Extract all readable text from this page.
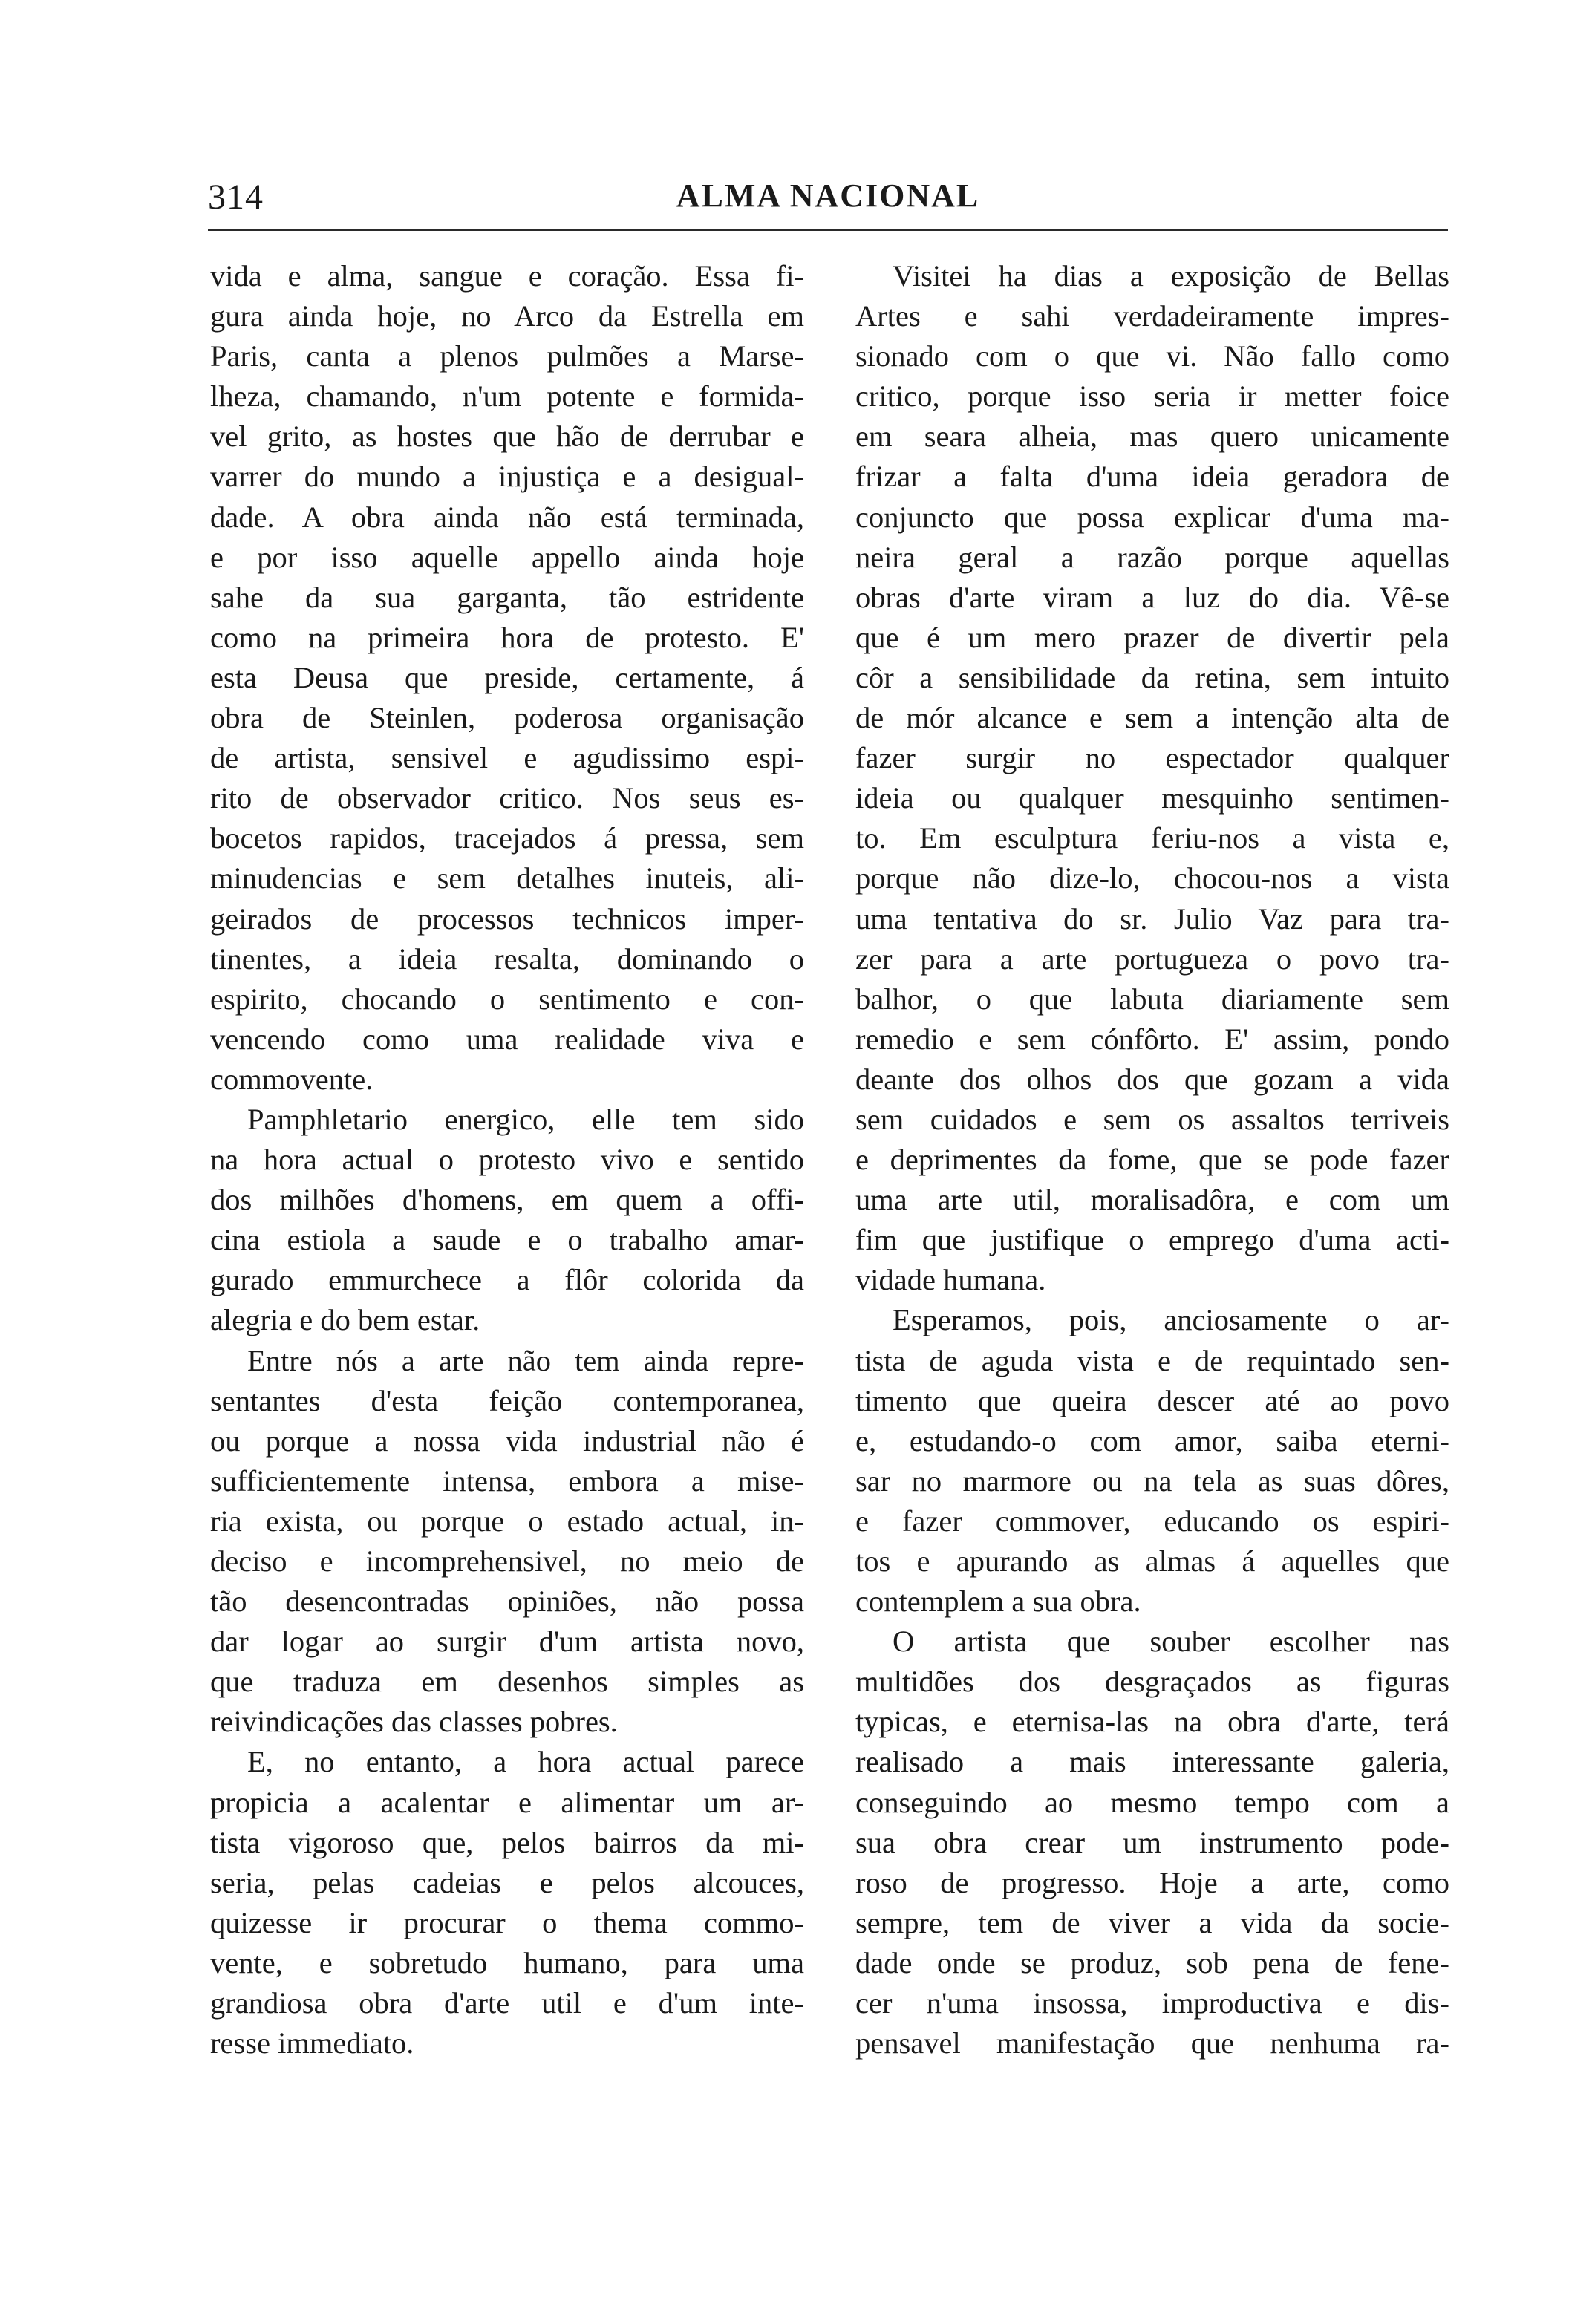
314	ALMA NACIONAL
vida e alma, sangue e coração. Essa fi-
gura ainda hoje, no Arco da Estrella em
Paris, canta a plenos pulmões a Marse-
lheza, chamando, n'um potente e formida-
vel grito, as hostes que hão de derrubar e
varrer do mundo a injustiça e a desigual-
dade. A obra ainda não está terminada,
e por isso aquelle appello ainda hoje
sahe da sua garganta, tão estridente
como na primeira hora de protesto. E'
esta Deusa que preside, certamente, á
obra de Steinlen, poderosa organisação
de artista, sensivel e agudissimo espi-
rito de observador critico. Nos seus es-
bocetos rapidos, tracejados á pressa, sem
minudencias e sem detalhes inuteis, ali-
geirados de processos technicos imper-
tinentes, a ideia resalta, dominando o
espirito, chocando o sentimento e con-
vencendo como uma realidade viva e
commovente.
Pamphletario energico, elle tem sido
na hora actual o protesto vivo e sentido
dos milhões d'homens, em quem a offi-
cina estiola a saude e o trabalho amar-
gurado emmurchece a flôr colorida da
alegria e do bem estar.
Entre nós a arte não tem ainda repre-
sentantes d'esta feição contemporanea,
ou porque a nossa vida industrial não é
sufficientemente intensa, embora a mise-
ria exista, ou porque o estado actual, in-
deciso e incomprehensivel, no meio de
tão desencontradas opiniões, não possa
dar logar ao surgir d'um artista novo,
que traduza em desenhos simples as
reivindicações das classes pobres.
E, no entanto, a hora actual parece
propicia a acalentar e alimentar um ar-
tista vigoroso que, pelos bairros da mi-
seria, pelas cadeias e pelos alcouces,
quizesse ir procurar o thema commo-
vente, e sobretudo humano, para uma
grandiosa obra d'arte util e d'um inte-
resse immediato.
Visitei ha dias a exposição de Bellas
Artes e sahi verdadeiramente impres-
sionado com o que vi. Não fallo como
critico, porque isso seria ir metter foice
em seara alheia, mas quero unicamente
frizar a falta d'uma ideia geradora de
conjuncto que possa explicar d'uma ma-
neira geral a razão porque aquellas
obras d'arte viram a luz do dia. Vê-se
que é um mero prazer de divertir pela
côr a sensibilidade da retina, sem intuito
de mór alcance e sem a intenção alta de
fazer surgir no espectador qualquer
ideia ou qualquer mesquinho sentimen-
to. Em esculptura feriu-nos a vista e,
porque não dize-lo, chocou-nos a vista
uma tentativa do sr. Julio Vaz para tra-
zer para a arte portugueza o povo tra-
balhor, o que labuta diariamente sem
remedio e sem cónfôrto. E' assim, pondo
deante dos olhos dos que gozam a vida
sem cuidados e sem os assaltos terriveis
e deprimentes da fome, que se pode fazer
uma arte util, moralisadôra, e com um
fim que justifique o emprego d'uma acti-
vidade humana.
Esperamos, pois, anciosamente o ar-
tista de aguda vista e de requintado sen-
timento que queira descer até ao povo
e, estudando-o com amor, saiba eterni-
sar no marmore ou na tela as suas dôres,
e fazer commover, educando os espiri-
tos e apurando as almas á aquelles que
contemplem a sua obra.
O artista que souber escolher nas
multidões dos desgraçados as figuras
typicas, e eternisa-las na obra d'arte, terá
realisado a mais interessante galeria,
conseguindo ao mesmo tempo com a
sua obra crear um instrumento pode-
roso de progresso. Hoje a arte, como
sempre, tem de viver a vida da socie-
dade onde se produz, sob pena de fene-
cer n'uma insossa, improductiva e dis-
pensavel manifestação que nenhuma ra-
